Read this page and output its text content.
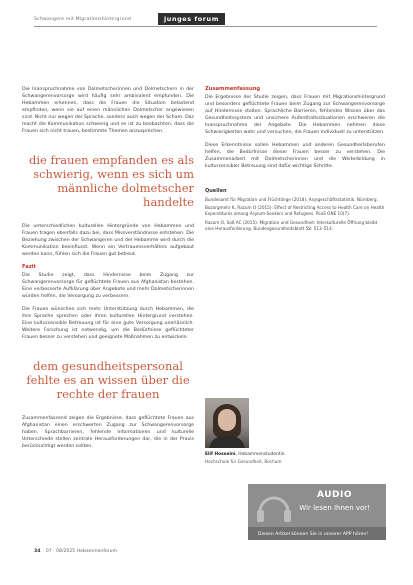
Schwangere mit Migrationshintergrund	junges forum

Die Inanspruchnahme von Dolmetscherinnen und Dolmetschern in der Schwangerenvorsorge wird häufig sehr ambivalent empfunden. Die Hebammen erkennen, dass die Frauen die Situation belastend empfinden, wenn sie auf einen männlichen Dolmetscher angewiesen sind. Nicht nur wegen der Sprache, sondern auch wegen der Scham. Das macht die Kommunikation schwierig und es ist zu beobachten, dass die Frauen sich nicht trauen, bestimmte Themen anzusprechen.

die frauen empfanden es als schwierig, wenn es sich um männliche dolmetscher handelte

Die unterschiedlichen kulturellen Hintergründe von Hebammen und Frauen tragen ebenfalls dazu bei, dass Missverständnisse entstehen. Die Beziehung zwischen der Schwangeren und der Hebamme wird durch die Kommunikation beeinflusst. Wenn ein Vertrauensverhältnis aufgebaut werden kann, fühlen sich die Frauen gut betreut.

Fazit

Die Studie zeigt, dass Hindernisse beim Zugang zur Schwangerenvorsorge für geflüchtete Frauen aus Afghanistan bestehen. Eine verbesserte Aufklärung über Angebote und mehr Dolmetscherinnen würden helfen, die Versorgung zu verbessern.

Die Frauen wünschen sich mehr Unterstützung durch Hebammen, die ihre Sprache sprechen oder ihren kulturellen Hintergrund verstehen. Eine kultursensible Betreuung ist für eine gute Versorgung unerlässlich. Weitere Forschung ist notwendig, um die Bedürfnisse geflüchteter Frauen besser zu verstehen und geeignete Maßnahmen zu entwickeln.

dem gesundheitspersonal fehlte es an wissen über die rechte der frauen

Zusammenfassend zeigen die Ergebnisse, dass geflüchtete Frauen aus Afghanistan einen erschwerten Zugang zur Schwangerenvorsorge haben. Sprachbarrieren, fehlende Informationen und kulturelle Unterschiede stellen zentrale Herausforderungen dar, die in der Praxis berücksichtigt werden sollten.

Zusammenfassung

Die Ergebnisse der Studie zeigen, dass Frauen mit Migrationshintergrund und besonders geflüchtete Frauen beim Zugang zur Schwangerenvorsorge auf Hindernisse stoßen. Sprachliche Barrieren, fehlendes Wissen über das Gesundheitssystem und unsichere Aufenthaltssituationen erschweren die Inanspruchnahme der Angebote. Die Hebammen nehmen diese Schwierigkeiten wahr und versuchen, die Frauen individuell zu unterstützen.

Diese Erkenntnisse sollen Hebammen und anderen Gesundheitsberufen helfen, die Bedürfnisse dieser Frauen besser zu verstehen. Die Zusammenarbeit mit Dolmetscherinnen und die Weiterbildung in kultursensibler Betreuung sind dafür wichtige Schritte.

Quellen
Bundesamt für Migration und Flüchtlinge (2018): Asylgeschäftsstatistik. Nürnberg.
Bozorgmehr K, Razum O (2015): Effect of Restricting Access to Health Care on Health Expenditures among Asylum-Seekers and Refugees. PLoS ONE 10(7).
Razum O, Saß AC (2015): Migration und Gesundheit: Interkulturelle Öffnung bleibt eine Herausforderung. Bundesgesundheitsblatt 58: 513–514.
Elif Hosseini, Hebammenstudentin
Hochschule für Gesundheit, Bochum
AUDIO
Wir lesen Ihnen vor!
Diesen Artikel können Sie in unserer APP hören!
34 07 · 08/2025 Hebammenforum
